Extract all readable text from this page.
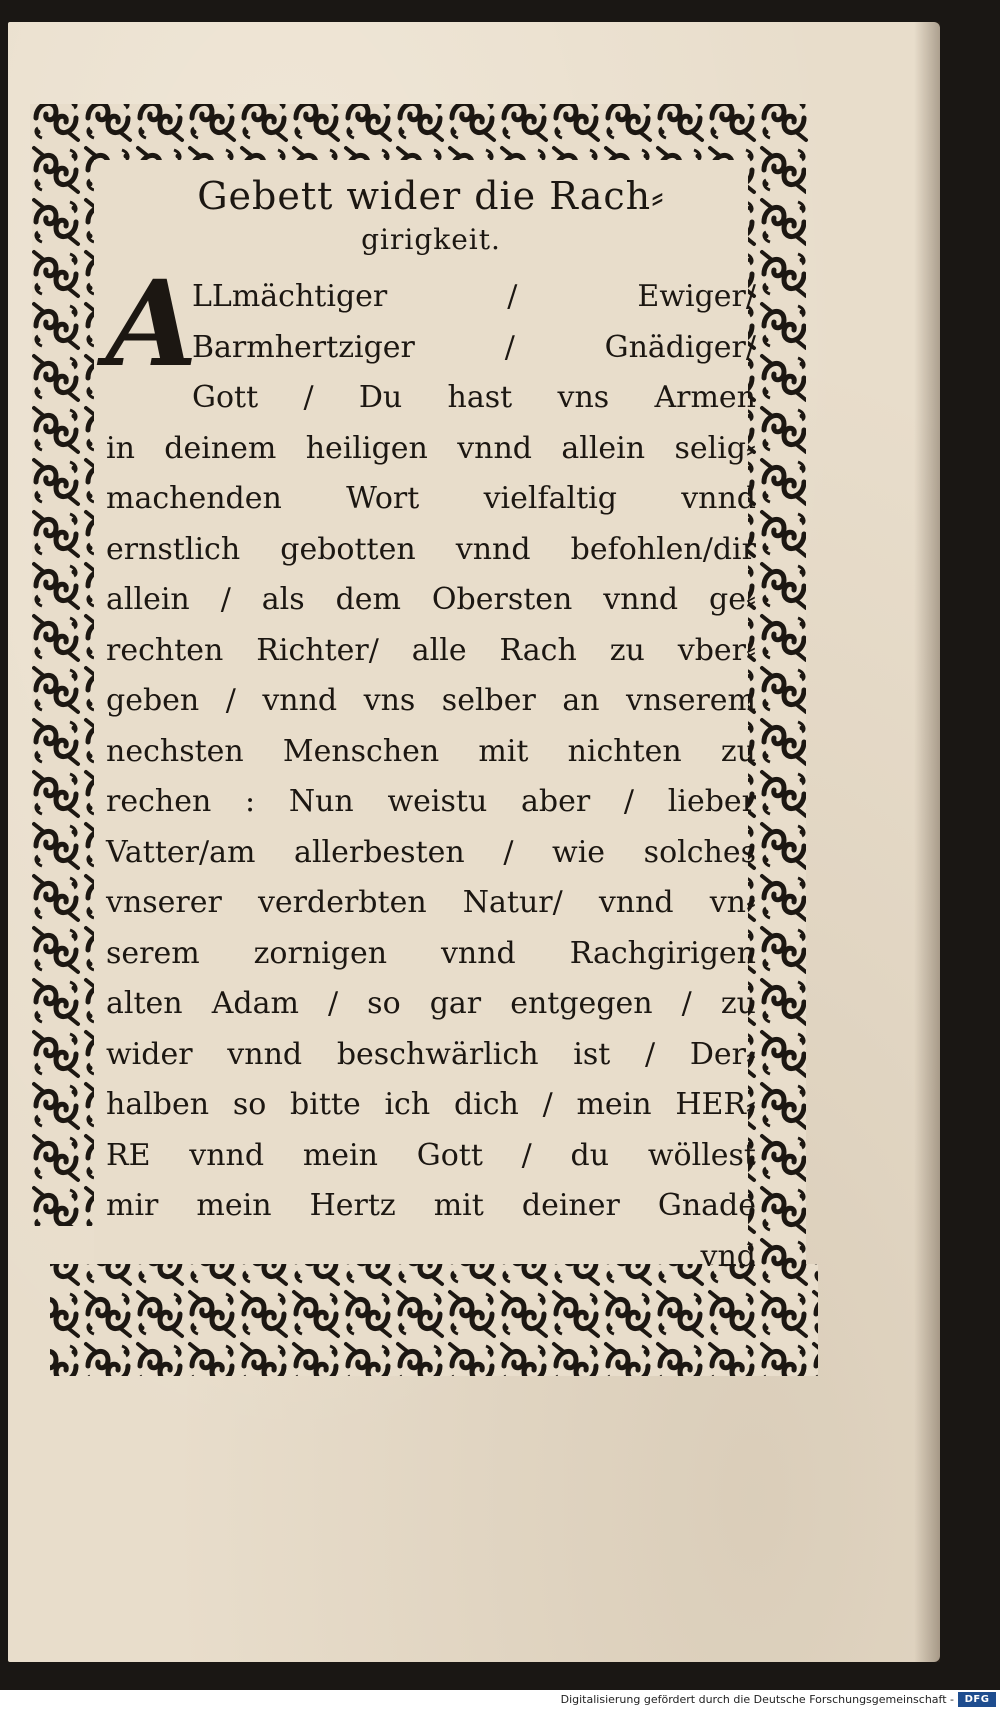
Gebett wider die Rach⸗
girigkeit.
A
LLmächtiger / Ewiger/
Barmhertziger / Gnädiger/
Gott / Du hast vns Armen
in deinem heiligen vnnd allein selig⸗
machenden Wort vielfaltig vnnd
ernstlich gebotten vnnd befohlen/dir
allein / als dem Obersten vnnd ge⸗
rechten Richter/ alle Rach zu vber⸗
geben / vnnd vns selber an vnserem
nechsten Menschen mit nichten zu
rechen : Nun weistu aber / lieber
Vatter/am allerbesten / wie solches
vnserer verderbten Natur/ vnnd vn⸗
serem zornigen vnnd Rachgirigen
alten Adam / so gar entgegen / zu
wider vnnd beschwärlich ist / Der⸗
halben so bitte ich dich / mein HER⸗
RE vnnd mein Gott / du wöllest
mir mein Hertz mit deiner Gnade
vnd
Digitalisierung gefördert durch die Deutsche Forschungsgemeinschaft -	DFG
